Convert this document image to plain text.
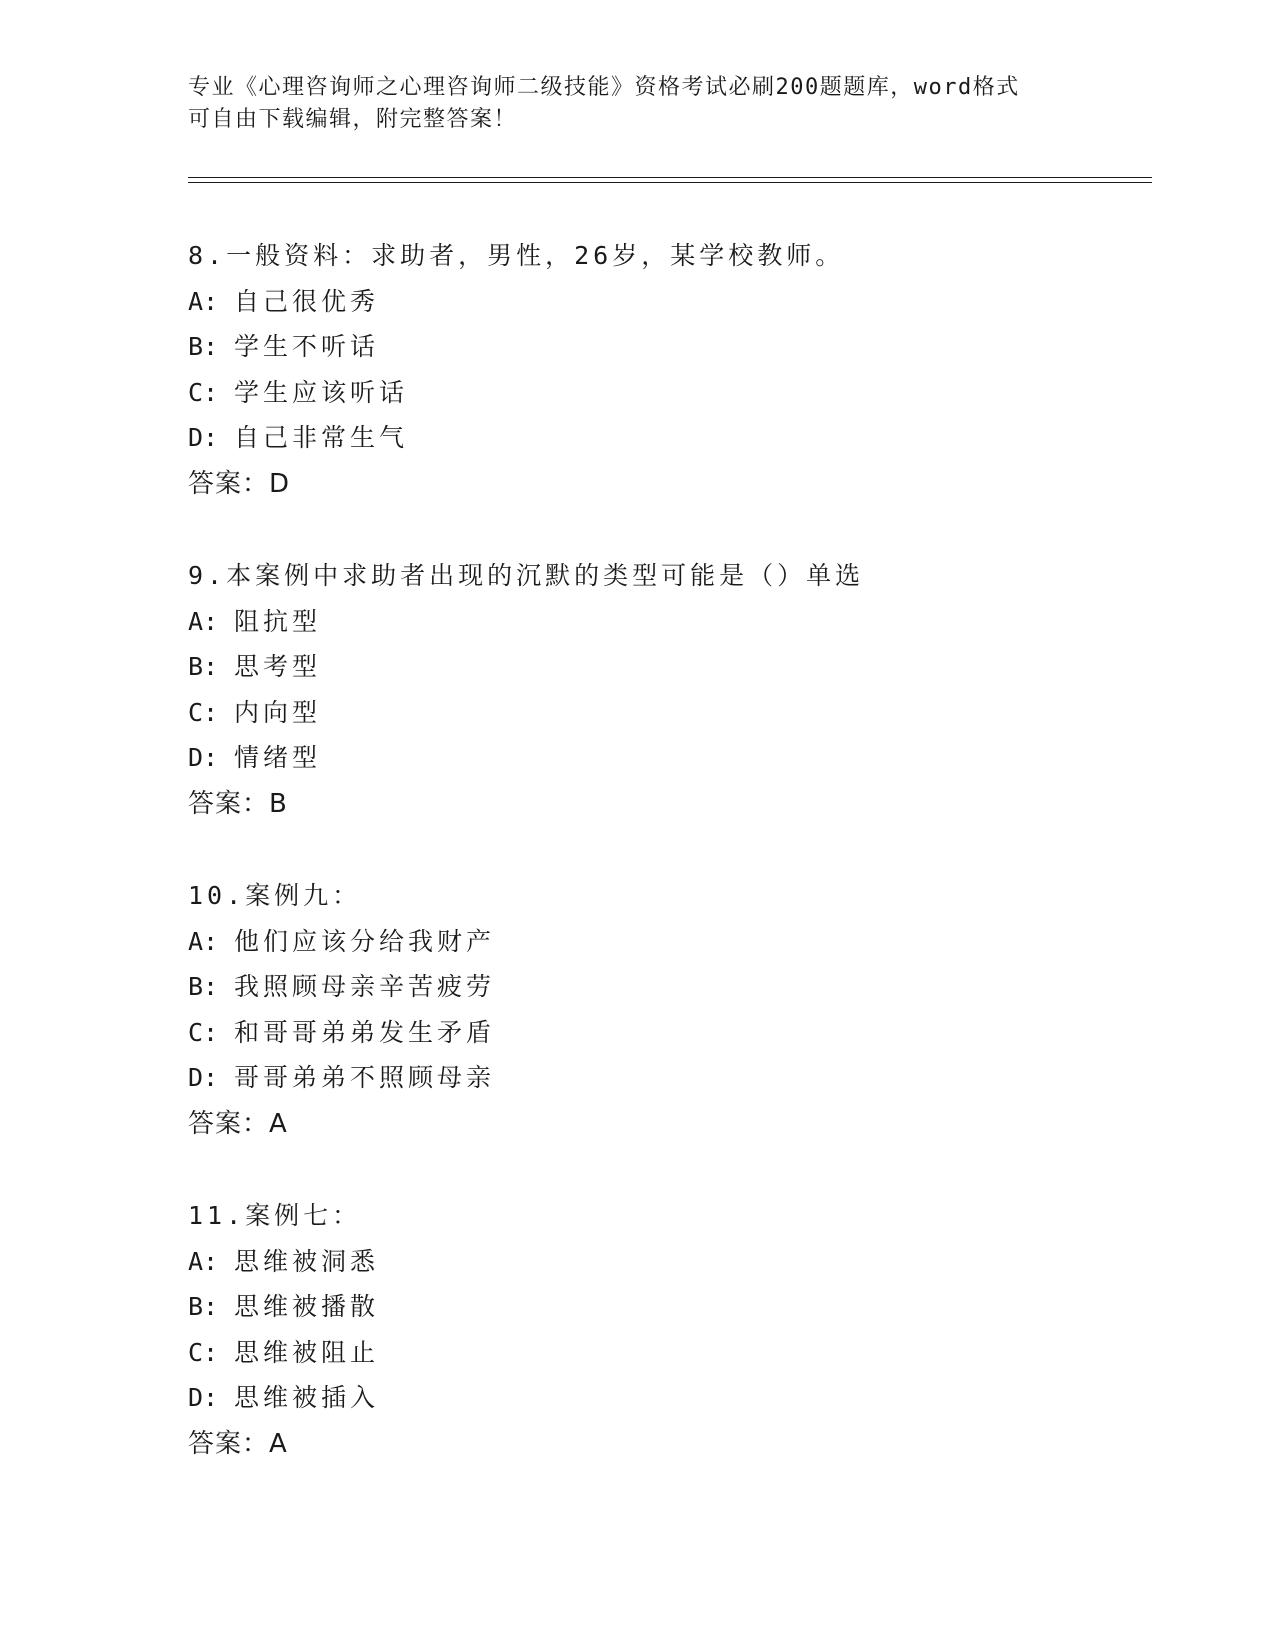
专业《心理咨询师之心理咨询师二级技能》资格考试必刷200题题库，word格式
可自由下载编辑，附完整答案！
8.一般资料：求助者，男性，26岁，某学校教师。
A: 自己很优秀
B: 学生不听话
C: 学生应该听话
D: 自己非常生气
答案：D
9.本案例中求助者出现的沉默的类型可能是（）单选
A: 阻抗型
B: 思考型
C: 内向型
D: 情绪型
答案：B
10.案例九：
A: 他们应该分给我财产
B: 我照顾母亲辛苦疲劳
C: 和哥哥弟弟发生矛盾
D: 哥哥弟弟不照顾母亲
答案：A
11.案例七：
A: 思维被洞悉
B: 思维被播散
C: 思维被阻止
D: 思维被插入
答案：A
